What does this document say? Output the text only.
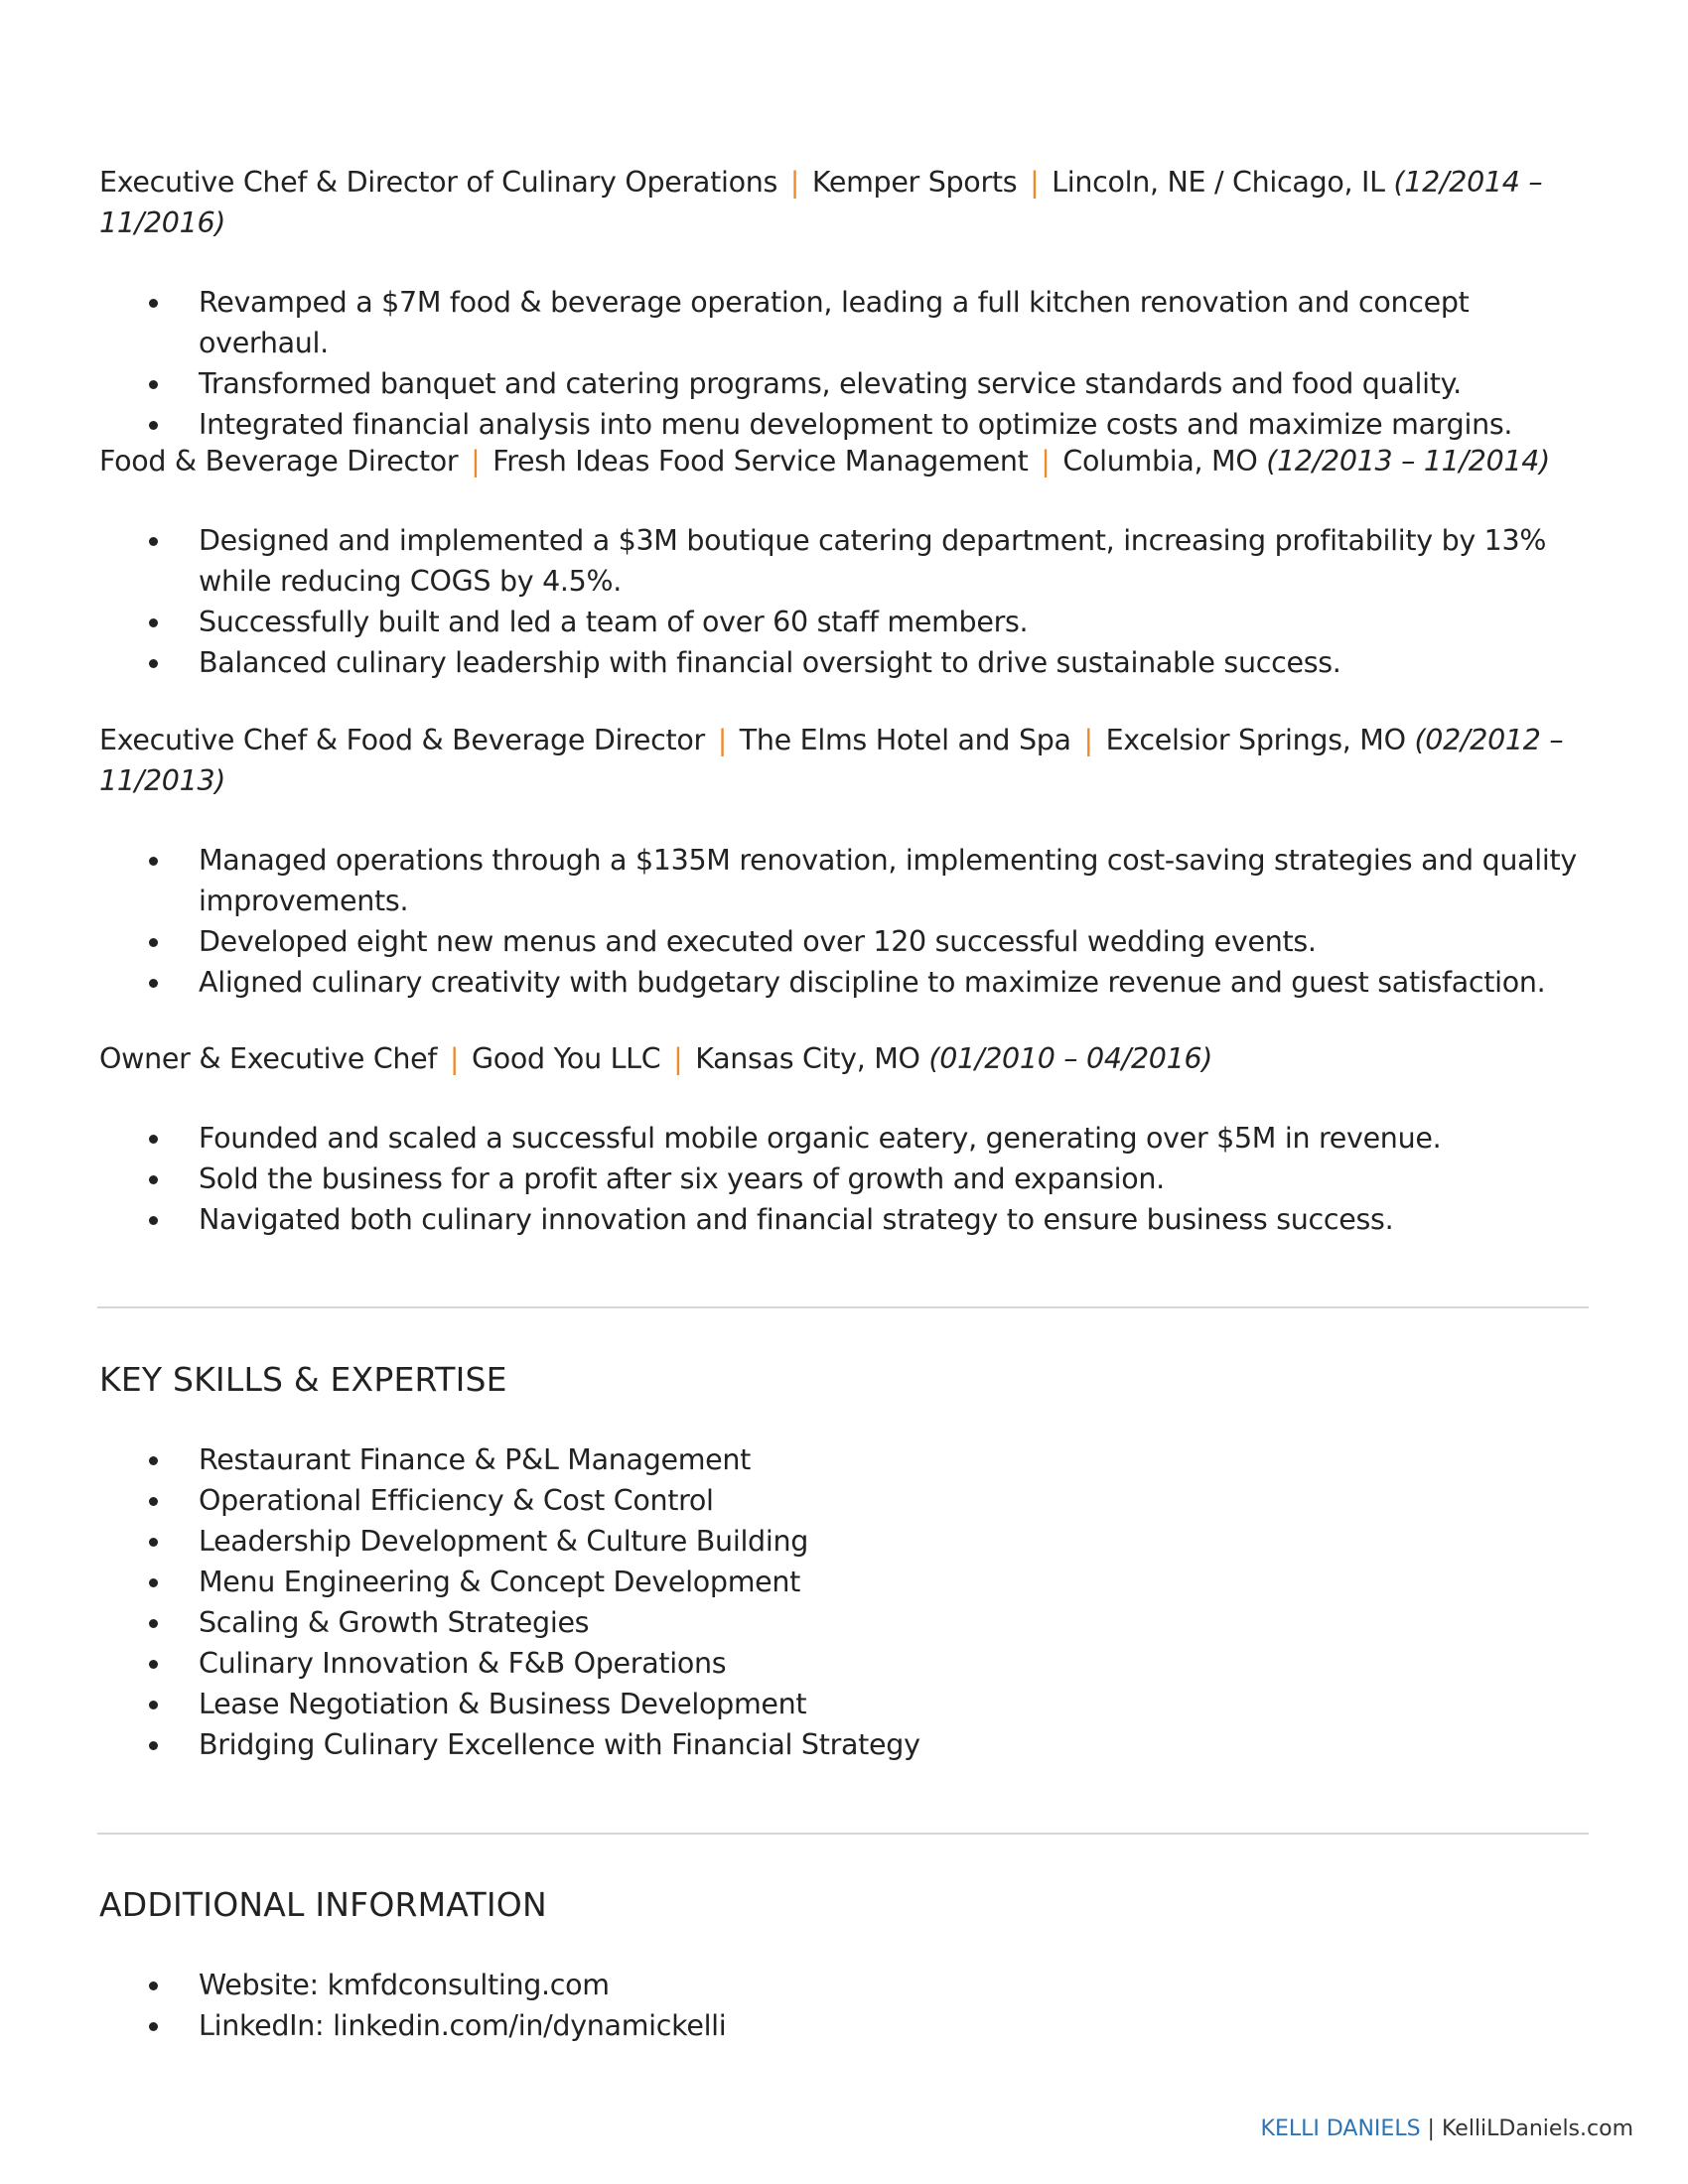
Executive Chef & Director of Culinary Operations | Kemper Sports | Lincoln, NE / Chicago, IL (12/2014 – 11/2016)
Revamped a $7M food & beverage operation, leading a full kitchen renovation and concept overhaul.
Transformed banquet and catering programs, elevating service standards and food quality.
Integrated financial analysis into menu development to optimize costs and maximize margins.
Food & Beverage Director | Fresh Ideas Food Service Management | Columbia, MO (12/2013 – 11/2014)
Designed and implemented a $3M boutique catering department, increasing profitability by 13% while reducing COGS by 4.5%.
Successfully built and led a team of over 60 staff members.
Balanced culinary leadership with financial oversight to drive sustainable success.
Executive Chef & Food & Beverage Director | The Elms Hotel and Spa | Excelsior Springs, MO (02/2012 – 11/2013)
Managed operations through a $135M renovation, implementing cost-saving strategies and quality improvements.
Developed eight new menus and executed over 120 successful wedding events.
Aligned culinary creativity with budgetary discipline to maximize revenue and guest satisfaction.
Owner & Executive Chef | Good You LLC | Kansas City, MO (01/2010 – 04/2016)
Founded and scaled a successful mobile organic eatery, generating over $5M in revenue.
Sold the business for a profit after six years of growth and expansion.
Navigated both culinary innovation and financial strategy to ensure business success.
KEY SKILLS & EXPERTISE
Restaurant Finance & P&L Management
Operational Efficiency & Cost Control
Leadership Development & Culture Building
Menu Engineering & Concept Development
Scaling & Growth Strategies
Culinary Innovation & F&B Operations
Lease Negotiation & Business Development
Bridging Culinary Excellence with Financial Strategy
ADDITIONAL INFORMATION
Website: kmfdconsulting.com
LinkedIn: linkedin.com/in/dynamickelli
KELLI DANIELS | KelliLDaniels.com
